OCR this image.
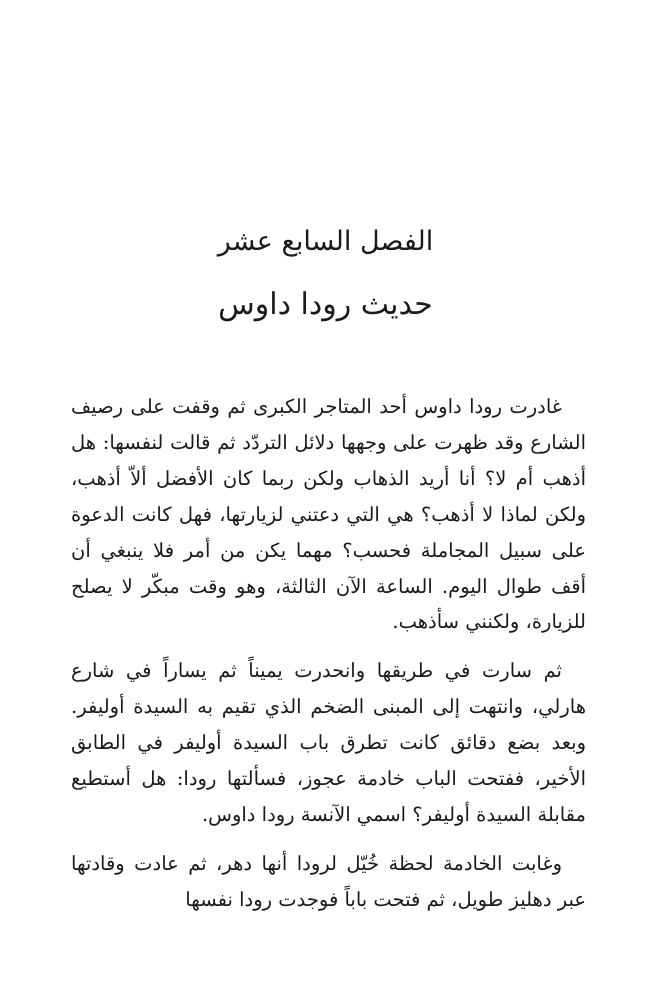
الفصل السابع عشر
حديث رودا داوس

غادرت رودا داوس أحد المتاجر الكبرى ثم وقفت على رصيف الشارع وقد ظهرت على وجهها دلائل التردّد ثم قالت لنفسها: هل أذهب أم لا؟ أنا أريد الذهاب ولكن ربما كان الأفضل ألاّ أذهب، ولكن لماذا لا أذهب؟ هي التي دعتني لزيارتها، فهل كانت الدعوة على سبيل المجاملة فحسب؟ مهما يكن من أمر فلا ينبغي أن أقف طوال اليوم. الساعة الآن الثالثة، وهو وقت مبكّر لا يصلح للزيارة، ولكنني سأذهب.

ثم سارت في طريقها وانحدرت يميناً ثم يساراً في شارع هارلي، وانتهت إلى المبنى الضخم الذي تقيم به السيدة أوليفر. وبعد بضع دقائق كانت تطرق باب السيدة أوليفر في الطابق الأخير، ففتحت الباب خادمة عجوز، فسألتها رودا: هل أستطيع مقابلة السيدة أوليفر؟ اسمي الآنسة رودا داوس.

وغابت الخادمة لحظة خُيّل لرودا أنها دهر، ثم عادت وقادتها عبر دهليز طويل، ثم فتحت باباً فوجدت رودا نفسها
